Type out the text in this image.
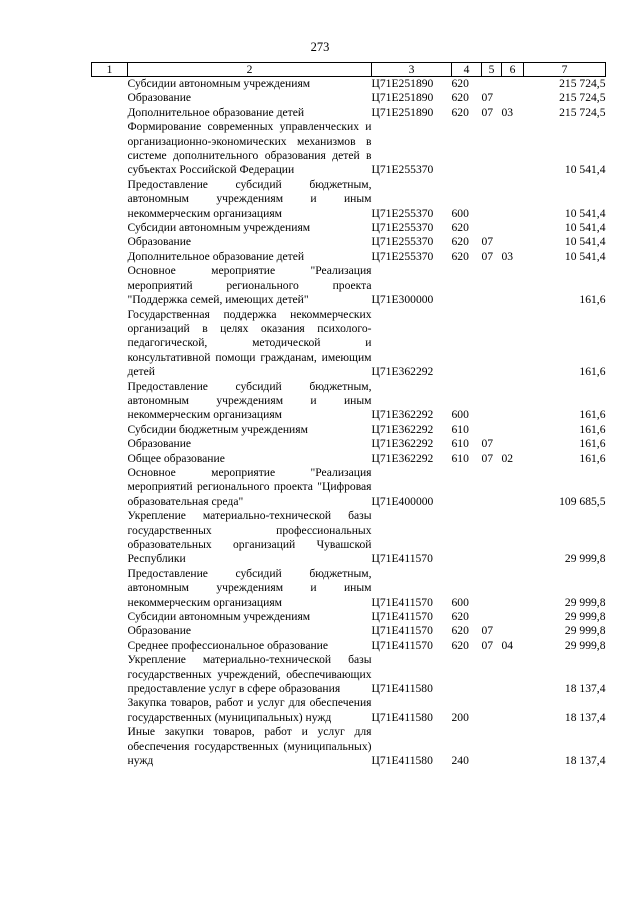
273
1	2	3	4	5	6	7
	Субсидии автономным учреждениям	Ц71E251890	620			215 724,5
	Образование	Ц71E251890	620	07		215 724,5
	Дополнительное образование детей	Ц71E251890	620	07	03	215 724,5
	Формирование современных управленческих и организационно-экономических механизмов в системе дополнительного образования детей в субъектах Российской Федерации	Ц71E255370				10 541,4
	Предоставление субсидий бюджетным, автономным учреждениям и иным некоммерческим организациям	Ц71E255370	600			10 541,4
	Субсидии автономным учреждениям	Ц71E255370	620			10 541,4
	Образование	Ц71E255370	620	07		10 541,4
	Дополнительное образование детей	Ц71E255370	620	07	03	10 541,4
	Основное мероприятие "Реализация мероприятий регионального проекта "Поддержка семей, имеющих детей"	Ц71E300000				161,6
	Государственная поддержка некоммерческих организаций в целях оказания психолого-педагогической, методической и консультативной помощи гражданам, имеющим детей	Ц71E362292				161,6
	Предоставление субсидий бюджетным, автономным учреждениям и иным некоммерческим организациям	Ц71E362292	600			161,6
	Субсидии бюджетным учреждениям	Ц71E362292	610			161,6
	Образование	Ц71E362292	610	07		161,6
	Общее образование	Ц71E362292	610	07	02	161,6
	Основное мероприятие "Реализация мероприятий регионального проекта "Цифровая образовательная среда"	Ц71E400000				109 685,5
	Укрепление материально-технической базы государственных профессиональных образовательных организаций Чувашской Республики	Ц71E411570				29 999,8
	Предоставление субсидий бюджетным, автономным учреждениям и иным некоммерческим организациям	Ц71E411570	600			29 999,8
	Субсидии автономным учреждениям	Ц71E411570	620			29 999,8
	Образование	Ц71E411570	620	07		29 999,8
	Среднее профессиональное образование	Ц71E411570	620	07	04	29 999,8
	Укрепление материально-технической базы государственных учреждений, обеспечивающих предоставление услуг в сфере образования	Ц71E411580				18 137,4
	Закупка товаров, работ и услуг для обеспечения государственных (муниципальных) нужд	Ц71E411580	200			18 137,4
	Иные закупки товаров, работ и услуг для обеспечения государственных (муниципальных) нужд	Ц71E411580	240			18 137,4
